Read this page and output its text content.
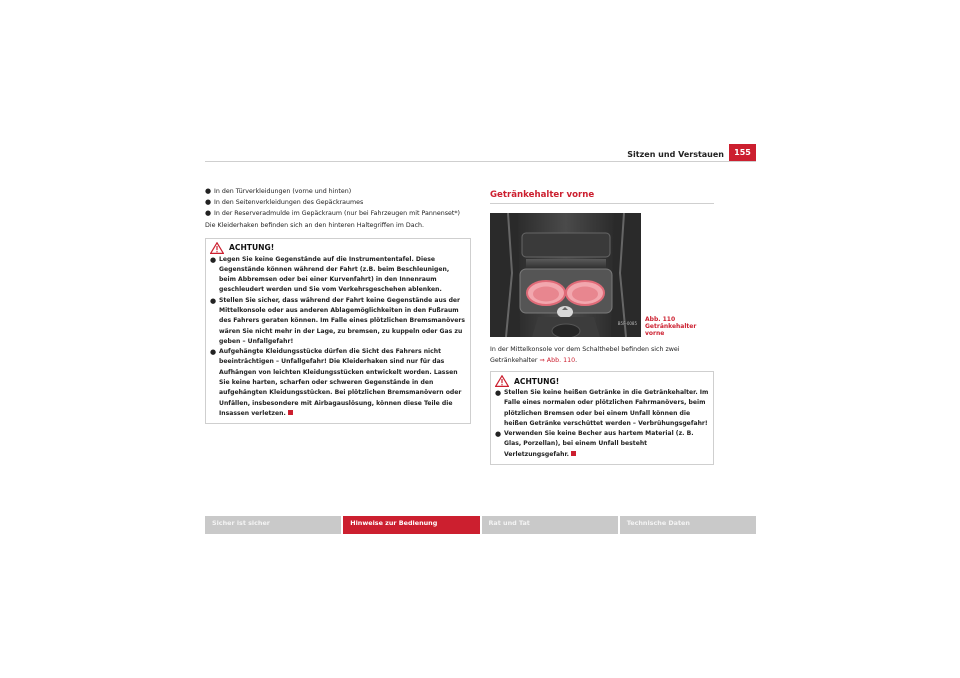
Sitzen und Verstauen	155
● In den Türverkleidungen (vorne und hinten)
● In den Seitenverkleidungen des Gepäckraumes
● In der Reserveradmulde im Gepäckraum (nur bei Fahrzeugen mit Pannenset*)

Die Kleiderhaken befinden sich an den hinteren Haltegriffen im Dach.

ACHTUNG!
● Legen Sie keine Gegenstände auf die Instrumententafel. Diese Gegenstände können während der Fahrt (z.B. beim Beschleunigen, beim Abbremsen oder bei einer Kurvenfahrt) in den Innenraum geschleudert werden und Sie vom Verkehrsgeschehen ablenken.
● Stellen Sie sicher, dass während der Fahrt keine Gegenstände aus der Mittelkonsole oder aus anderen Ablagemöglichkeiten in den Fußraum des Fahrers geraten können. Im Falle eines plötzlichen Bremsmanövers wären Sie nicht mehr in der Lage, zu bremsen, zu kuppeln oder Gas zu geben – Unfallgefahr!
● Aufgehängte Kleidungsstücke dürfen die Sicht des Fahrers nicht beeinträchtigen – Unfallgefahr! Die Kleiderhaken sind nur für das Aufhängen von leichten Kleidungsstücken entwickelt worden. Lassen Sie keine harten, scharfen oder schweren Gegenstände in den aufgehängten Kleidungsstücken. Bei plötzlichen Bremsmanövern oder Unfällen, insbesondere mit Airbagauslösung, können diese Teile die Insassen verletzen.
Getränkehalter vorne
B5F-0085

In der Mittelkonsole vor dem Schalthebel befinden sich zwei Getränkehalter ⇒ Abb. 110.

ACHTUNG!
● Stellen Sie keine heißen Getränke in die Getränkehalter. Im Falle eines normalen oder plötzlichen Fahrmanövers, beim plötzlichen Bremsen oder bei einem Unfall können die heißen Getränke verschüttet werden – Verbrühungsgefahr!
● Verwenden Sie keine Becher aus hartem Material (z. B. Glas, Porzellan), bei einem Unfall besteht Verletzungsgefahr.
Abb. 110 Getränkehalter vorne
Sicher ist sicher	Hinweise zur Bedienung	Rat und Tat	Technische Daten
